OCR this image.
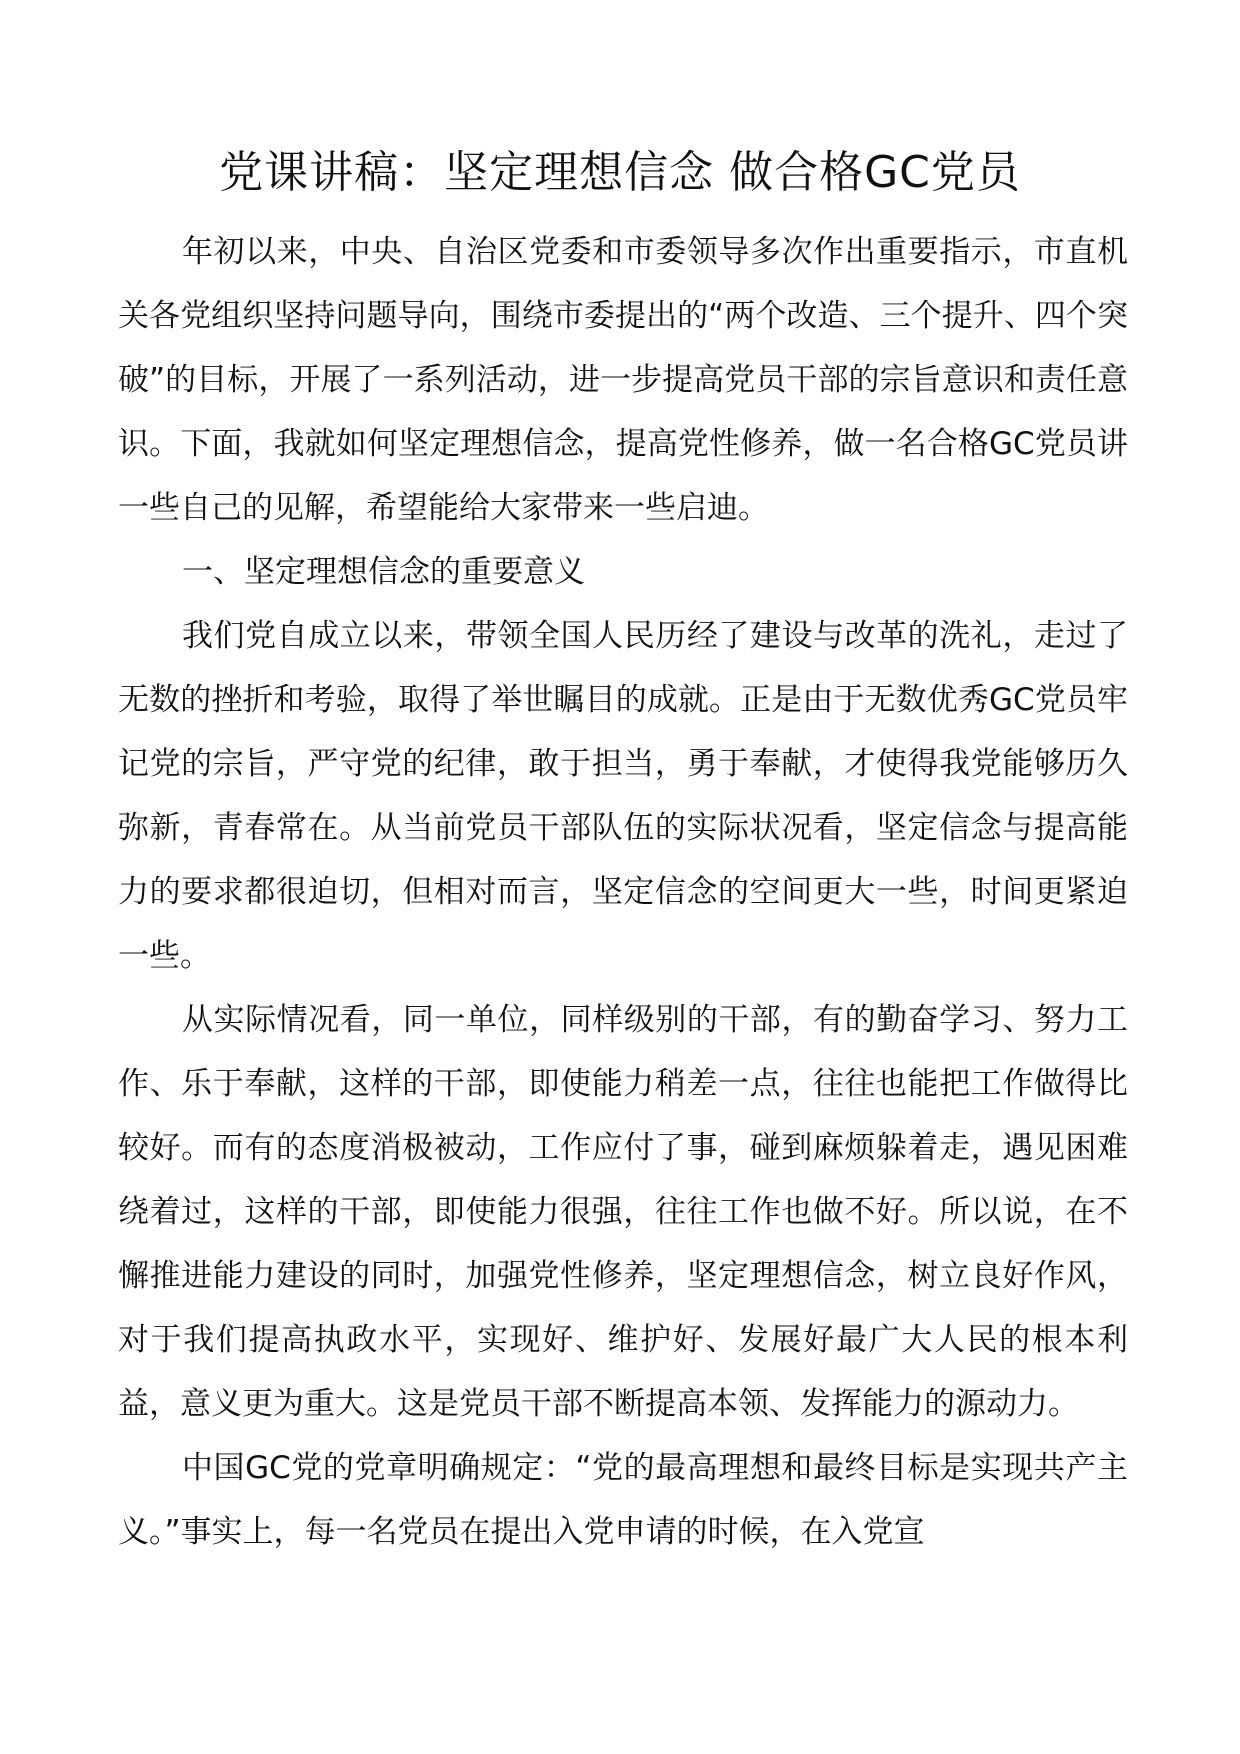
党课讲稿：坚定理想信念 做合格GC党员

年初以来，中央、自治区党委和市委领导多次作出重要指示，市直机关各党组织坚持问题导向，围绕市委提出的“两个改造、三个提升、四个突破”的目标，开展了一系列活动，进一步提高党员干部的宗旨意识和责任意识。下面，我就如何坚定理想信念，提高党性修养，做一名合格GC党员讲一些自己的见解，希望能给大家带来一些启迪。

一、坚定理想信念的重要意义

我们党自成立以来，带领全国人民历经了建设与改革的洗礼，走过了无数的挫折和考验，取得了举世瞩目的成就。正是由于无数优秀GC党员牢记党的宗旨，严守党的纪律，敢于担当，勇于奉献，才使得我党能够历久弥新，青春常在。从当前党员干部队伍的实际状况看，坚定信念与提高能力的要求都很迫切，但相对而言，坚定信念的空间更大一些，时间更紧迫一些。

从实际情况看，同一单位，同样级别的干部，有的勤奋学习、努力工作、乐于奉献，这样的干部，即使能力稍差一点，往往也能把工作做得比较好。而有的态度消极被动，工作应付了事，碰到麻烦躲着走，遇见困难绕着过，这样的干部，即使能力很强，往往工作也做不好。所以说，在不懈推进能力建设的同时，加强党性修养，坚定理想信念，树立良好作风，对于我们提高执政水平，实现好、维护好、发展好最广大人民的根本利益，意义更为重大。这是党员干部不断提高本领、发挥能力的源动力。

中国GC党的党章明确规定：“党的最高理想和最终目标是实现共产主义。”事实上，每一名党员在提出入党申请的时候，在入党宣
